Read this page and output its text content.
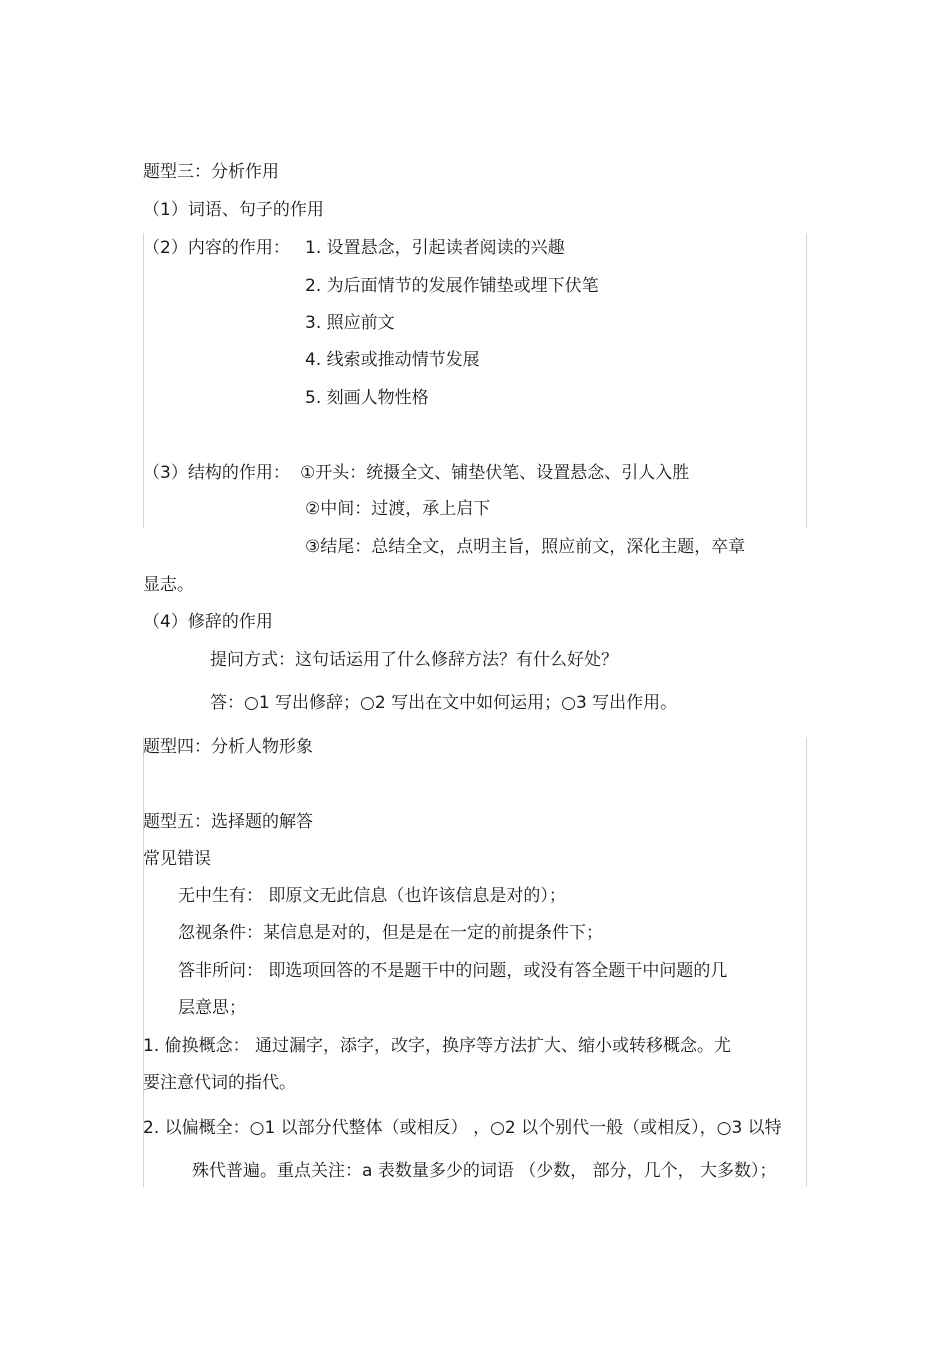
题型三：分析作用
（1）词语、句子的作用
（2）内容的作用： 1. 设置悬念，引起读者阅读的兴趣
2. 为后面情节的发展作铺垫或埋下伏笔
3. 照应前文
4. 线索或推动情节发展
5. 刻画人物性格
（3）结构的作用： ①开头：统摄全文、铺垫伏笔、设置悬念、引人入胜
②中间：过渡，承上启下
③结尾：总结全文，点明主旨，照应前文，深化主题，卒章
显志。
（4）修辞的作用
提问方式：这句话运用了什么修辞方法？有什么好处？
答：○1 写出修辞；○2 写出在文中如何运用；○3 写出作用。
题型四：分析人物形象
题型五：选择题的解答
常见错误
无中生有： 即原文无此信息（也许该信息是对的）；
忽视条件：某信息是对的，但是是在一定的前提条件下；
答非所问： 即选项回答的不是题干中的问题，或没有答全题干中问题的几
层意思；
1. 偷换概念： 通过漏字，添字，改字，换序等方法扩大、缩小或转移概念。尤
要注意代词的指代。
2. 以偏概全：○1 以部分代整体（或相反） ，○2 以个别代一般（或相反），○3 以特
殊代普遍。重点关注：a 表数量多少的词语 （少数， 部分，几个， 大多数）；
